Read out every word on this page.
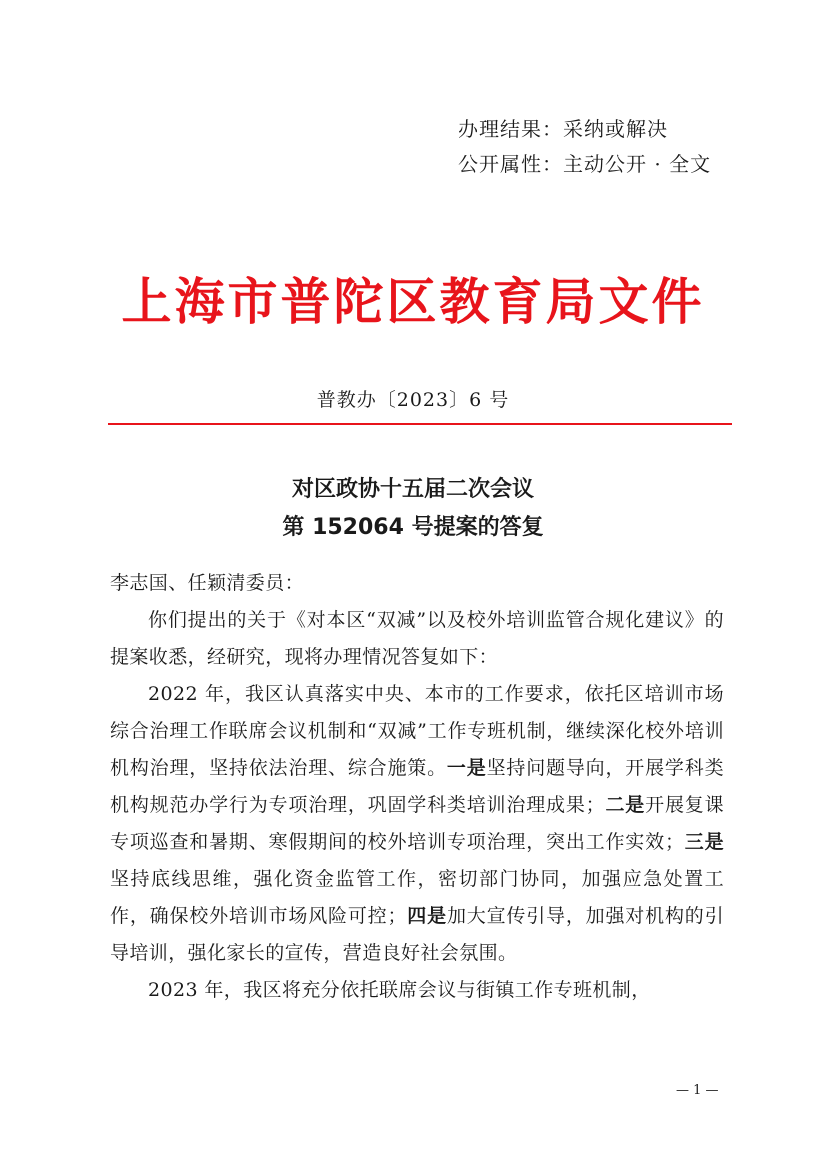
办理结果：采纳或解决
公开属性：主动公开 · 全文
上海市普陀区教育局文件
普教办〔2023〕6 号
对区政协十五届二次会议
第 152064 号提案的答复

李志国、任颖清委员：

你们提出的关于《对本区“双减”以及校外培训监管合规化建议》的提案收悉，经研究，现将办理情况答复如下：

2022 年，我区认真落实中央、本市的工作要求，依托区培训市场综合治理工作联席会议机制和“双减”工作专班机制，继续深化校外培训机构治理，坚持依法治理、综合施策。一是坚持问题导向，开展学科类机构规范办学行为专项治理，巩固学科类培训治理成果；二是开展复课专项巡查和暑期、寒假期间的校外培训专项治理，突出工作实效；三是坚持底线思维，强化资金监管工作，密切部门协同，加强应急处置工作，确保校外培训市场风险可控；四是加大宣传引导，加强对机构的引导培训，强化家长的宣传，营造良好社会氛围。

2023 年，我区将充分依托联席会议与街镇工作专班机制，

— 1 —
